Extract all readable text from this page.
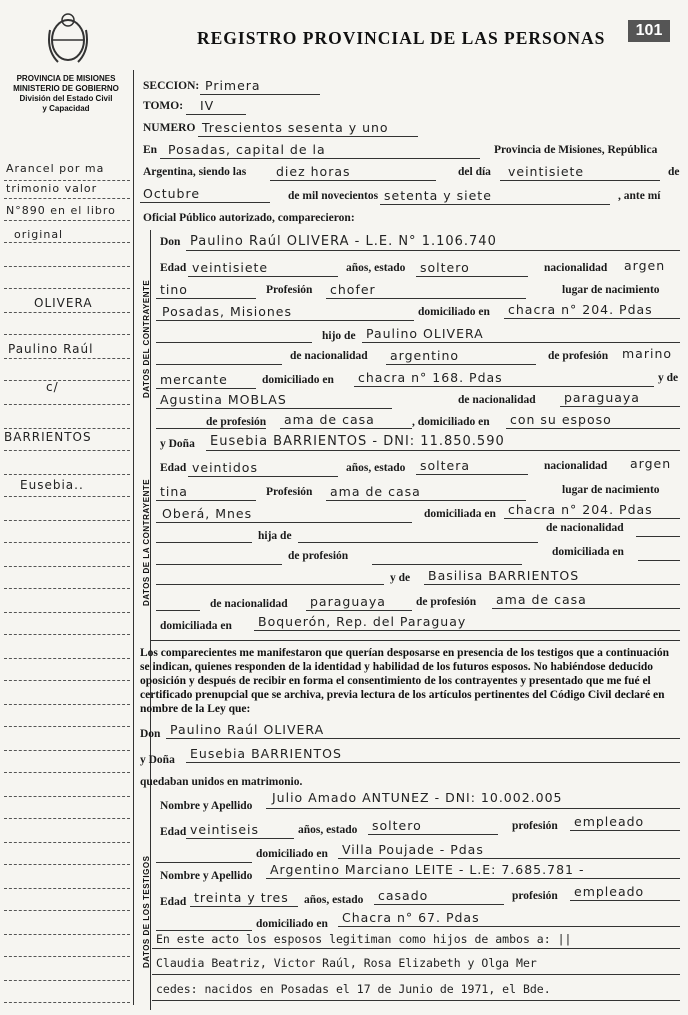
REGISTRO PROVINCIAL DE LAS PERSONAS	101
PROVINCIA DE MISIONES
MINISTERIO DE GOBIERNO
División del Estado Civil
y Capacidad
Arancel por ma
trimonio valor
N°890 en el libro
original
OLIVERA
Paulino Raúl
c/
BARRIENTOS
Eusebia..
SECCION: Primera
TOMO: IV
NUMERO Trescientos sesenta y uno
En Posadas, capital de la	Provincia de Misiones, República
Argentina, siendo las diez horas	del día veintisiete	de
Octubre	de mil novecientos setenta y siete	, ante mí
Oficial Público autorizado, comparecieron:
DATOS DEL CONTRAYENTE
Don Paulino Raúl OLIVERA - L.E. N° 1.106.740
Edad veintisiete	años, estado soltero	nacionalidad argen
tino	Profesión chofer	lugar de nacimiento
Posadas, Misiones	domiciliado en chacra n° 204. Pdas
hijo de Paulino OLIVERA
de nacionalidad argentino	de profesión marino
mercante	domiciliado en chacra n° 168. Pdas	y de
Agustina MOBLAS	de nacionalidad paraguaya
de profesión ama de casa	, domiciliado en con su esposo
DATOS DE LA CONTRAYENTE
y Doña Eusebia BARRIENTOS - DNI: 11.850.590
Edad veintidos	años, estado soltera	nacionalidad argen
tina	Profesión ama de casa	lugar de nacimiento
Oberá, Mnes	domiciliada en chacra n° 204. Pdas
hija de
de nacionalidad
de profesión	domiciliada en
y de Basilisa BARRIENTOS
de nacionalidad paraguaya	de profesión ama de casa
domiciliada en Boquerón, Rep. del Paraguay
Los comparecientes me manifestaron que querían desposarse en presencia de los testigos que a continuación se indican, quienes responden de la identidad y habilidad de los futuros esposos. No habiéndose deducido oposición y después de recibir en forma el consentimiento de los contrayentes y presentado que me fué el certificado prenupcial que se archiva, previa lectura de los artículos pertinentes del Código Civil declaré en nombre de la Ley que:
Don Paulino Raúl OLIVERA
y Doña Eusebia BARRIENTOS
quedaban unidos en matrimonio.
DATOS DE LOS TESTIGOS
Nombre y Apellido
Julio Amado ANTUNEZ - DNI: 10.002.005
Edad veintiseis	años, estado soltero	profesión empleado
domiciliado en Villa Poujade - Pdas
Nombre y Apellido Argentino Marciano LEITE - L.E: 7.685.781 -
Edad treinta y tres años, estado casado	profesión empleado
domiciliado en Chacra n° 67. Pdas
En este acto los esposos legitiman como hijos de ambos a: ||
Claudia Beatriz, Victor Raúl, Rosa Elizabeth y Olga Mer
cedes: nacidos en Posadas el 17 de Junio de 1971, el Bde.
